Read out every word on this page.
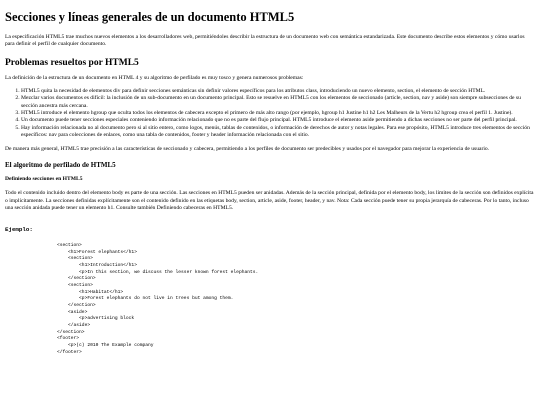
Secciones y líneas generales de un documento HTML5

La especificación HTML5 trae muchos nuevos elementos a los desarrolladores web, permitiéndoles describir la estructura de un documento web con semántica estandarizada. Este documento describe estos elementos y cómo usarlos para definir el perfil de cualquier documento.

Problemas resueltos por HTML5

La definición de la estructura de un documento en HTML 4 y su algoritmo de perfilado es muy tosco y genera numerosos problemas:

1. HTML5 quita la necesidad de elementos div para definir secciones semánticas sin definir valores específicos para los atributos class, introduciendo un nuevo elemento, section, el elemento de sección HTML.
2. Mezclar varios documentos es difícil: la inclusión de un sub-documento en un documento principal. Esto se resuelve en HTML5 con los elementos de seccionado (article, section, nav y aside) son siempre subsecciones de su sección ancestra más cercana.
3. HTML5 introduce el elemento hgroup que oculta todos los elementos de cabecera excepto el primero de más alto rango (por ejemplo, hgroup h1 Justine h1 h2 Les Malheurs de la Vertu h2 hgroup crea el perfil 1. Justine).
4. Un documento puede tener secciones especiales conteniendo información relacionado que no es parte del flujo principal. HTML5 introduce el elemento aside permitiendo a dichas secciones no ser parte del perfil principal.
5. Hay información relacionada no al documento pero si al sitio entero, como logos, menús, tablas de contenidos, o información de derechos de autor y notas legales. Para ese propósito, HTML5 introduce tres elementos de sección específicos: nav para colecciones de enlaces, como una tabla de contenidos, footer y header información relacionada con el sitio.

De manera más general, HTML5 trae precisión a las características de seccionado y cabecera, permitiendo a los perfiles de documento ser predecibles y usados por el navegador para mejorar la experiencia de usuario.

El algoritmo de perfilado de HTML5
Definiendo secciones en HTML5

Todo el contenido incluido dentro del elemento body es parte de una sección. Las secciones en HTML5 pueden ser anidadas. Además de la sección principal, definida por el elemento body, los límites de la sección son definidos explícita o implícitamente. La secciones definidas explícitamente son el contenido definido en las etiquetas body, section, article, aside, footer, header, y nav. Nota: Cada sección puede tener su propia jerarquía de cabeceras. Por lo tanto, incluso una sección anidada puede tener un elemento h1. Consulte también Definiendo cabeceras en HTML5.

Ejemplo:
<section>
<h1>Forest elephants</h1>
<section>
<h1>Introduction</h1>
<p>In this section, we discuss the lesser known forest elephants.
</section>
<section>
<h1>Habitat</h1>
<p>Forest elephants do not live in trees but among them.
</section>
<aside>
<p>advertising block
</aside>
</section>
<footer>
<p>(c) 2010 The Example company
</footer>
